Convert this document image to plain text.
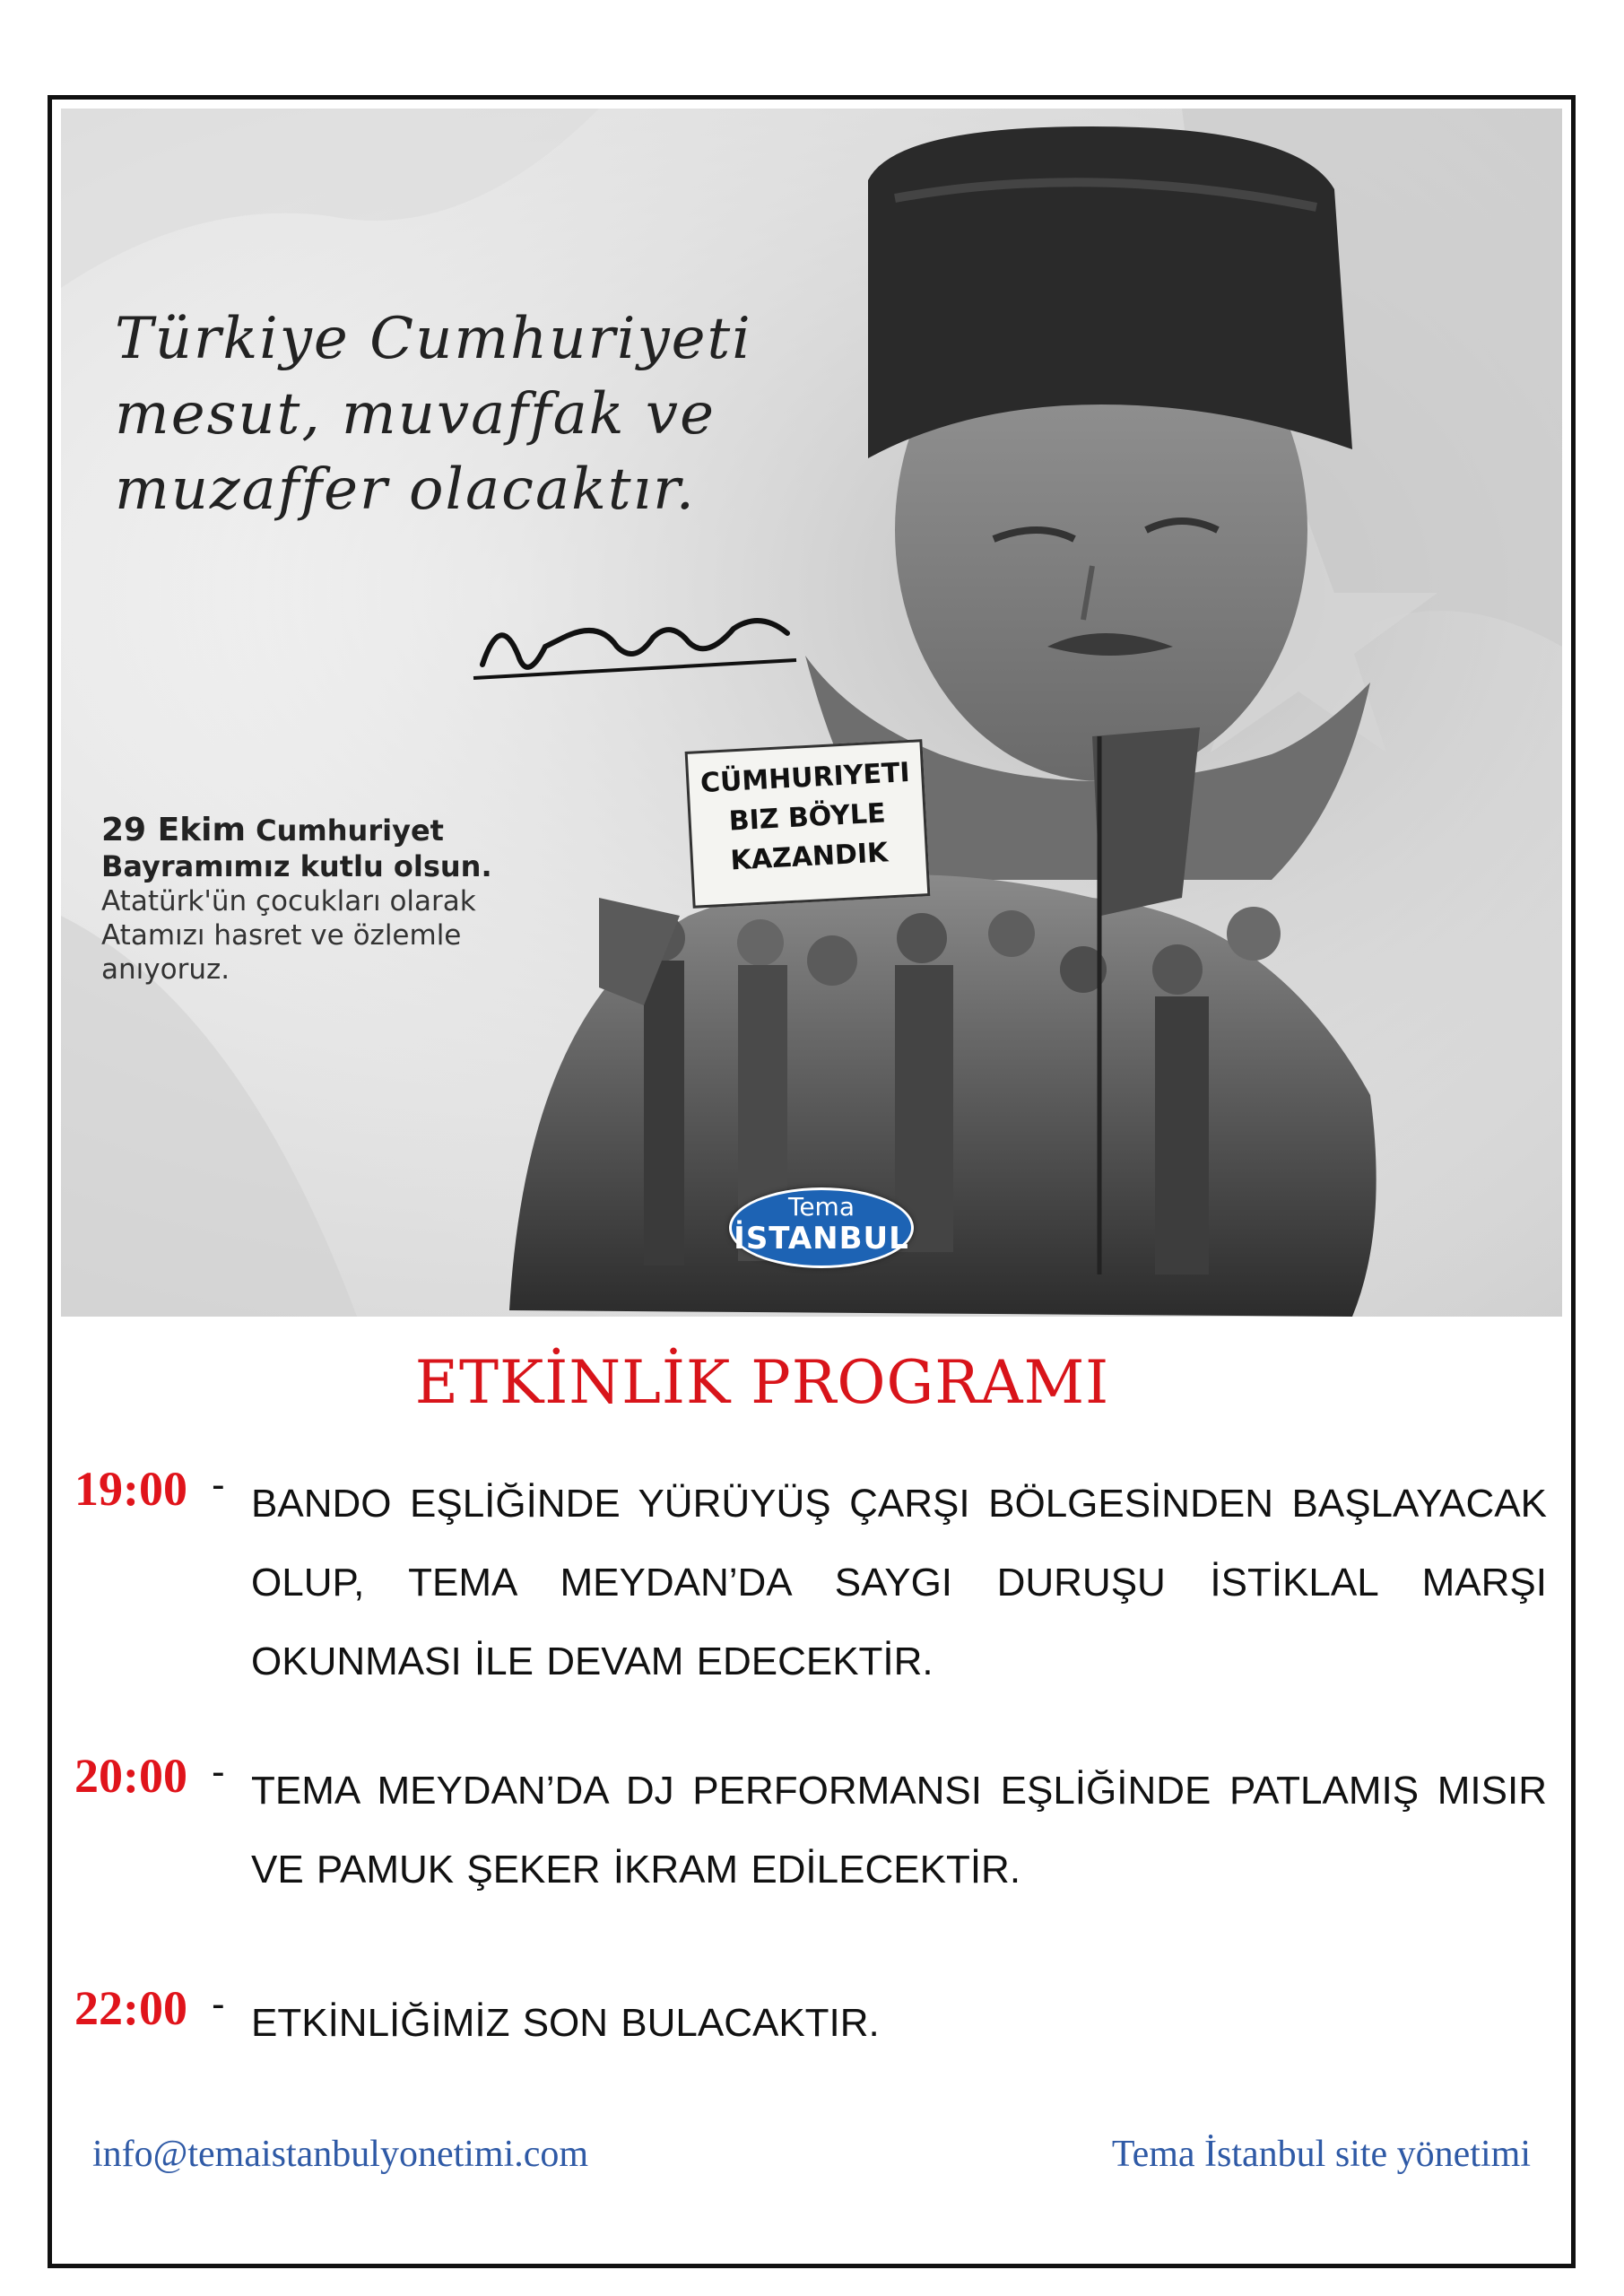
Türkiye Cumhuriyeti
mesut, muvaffak ve
muzaffer olacaktır.
29 Ekim Cumhuriyet
Bayramımız kutlu olsun.
Atatürk'ün çocukları olarak
Atamızı hasret ve özlemle
anıyoruz.
CÜMHURIYETI
BIZ BÖYLE
KAZANDIK
Tema
İSTANBUL
ETKİNLİK PROGRAMI
19:00 - BANDO EŞLİĞİNDE YÜRÜYÜŞ ÇARŞI BÖLGESİNDEN BAŞLAYACAK OLUP, TEMA MEYDAN’DA SAYGI DURUŞU İSTİKLAL MARŞI OKUNMASI İLE DEVAM EDECEKTİR.
20:00 - TEMA MEYDAN’DA DJ PERFORMANSI EŞLİĞİNDE PATLAMIŞ MISIR VE PAMUK ŞEKER İKRAM EDİLECEKTİR.
22:00 - ETKİNLİĞİMİZ SON BULACAKTIR.
info@temaistanbulyonetimi.com	Tema İstanbul site yönetimi
